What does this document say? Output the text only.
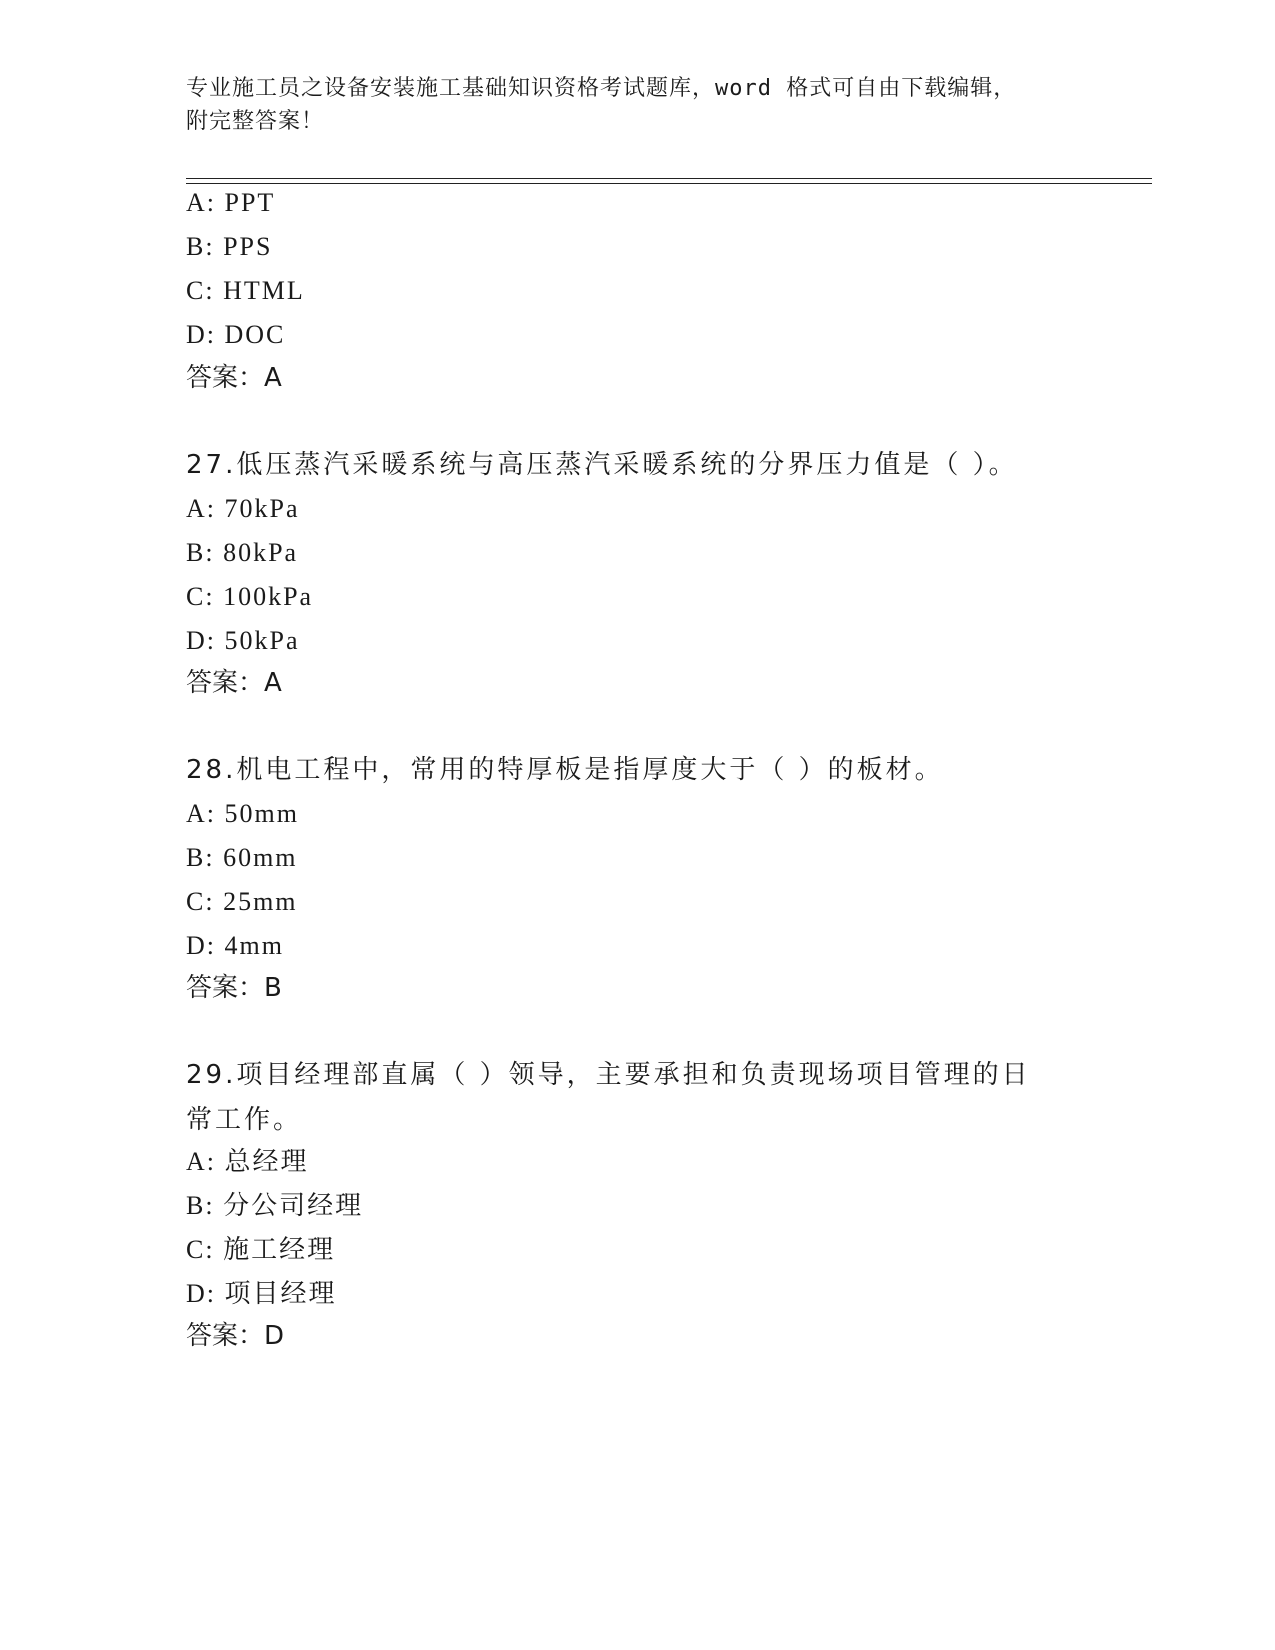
专业施工员之设备安装施工基础知识资格考试题库，word 格式可自由下载编辑，
附完整答案！
A: PPT
B: PPS
C: HTML
D: DOC
答案：A
27.低压蒸汽采暖系统与高压蒸汽采暖系统的分界压力值是（ ）。
A: 70kPa
B: 80kPa
C: 100kPa
D: 50kPa
答案：A
28.机电工程中，常用的特厚板是指厚度大于（ ）的板材。
A: 50mm
B: 60mm
C: 25mm
D: 4mm
答案：B
29.项目经理部直属（ ）领导，主要承担和负责现场项目管理的日常工作。
A: 总经理
B: 分公司经理
C: 施工经理
D: 项目经理
答案：D
